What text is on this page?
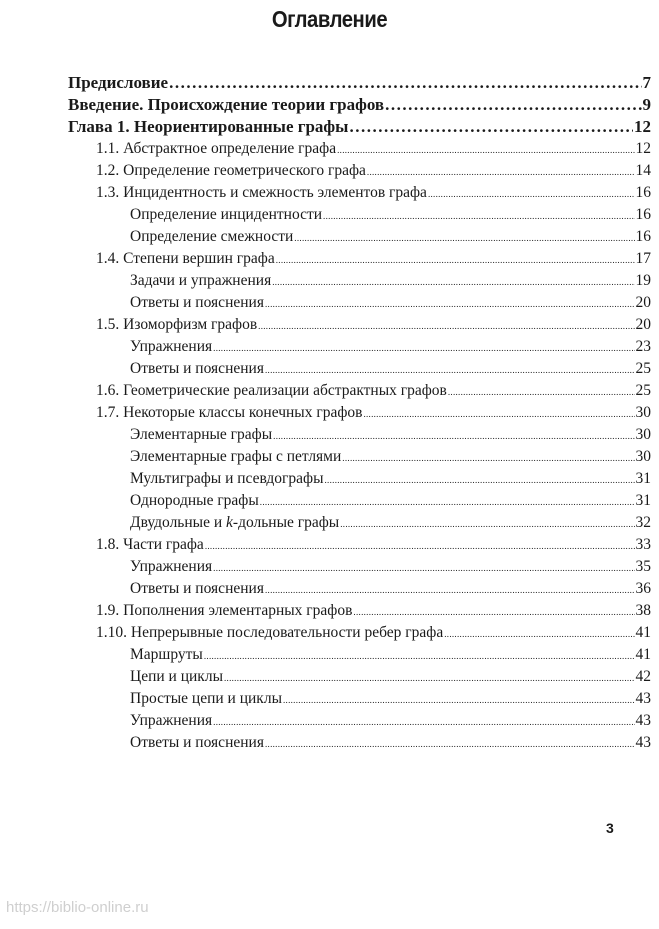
Оглавление
Предисловие .....	7
Введение. Происхождение теории графов .....	9
Глава 1. Неориентированные графы .....	12
1.1. Абстрактное определение графа .....	12
1.2. Определение геометрического графа .....	14
1.3. Инцидентность и смежность элементов графа .....	16
Определение инцидентности .....	16
Определение смежности .....	16
1.4. Степени вершин графа .....	17
Задачи и упражнения .....	19
Ответы и пояснения .....	20
1.5. Изоморфизм графов .....	20
Упражнения .....	23
Ответы и пояснения .....	25
1.6. Геометрические реализации абстрактных графов .....	25
1.7. Некоторые классы конечных графов .....	30
Элементарные графы .....	30
Элементарные графы с петлями .....	30
Мультиграфы и псевдографы .....	31
Однородные графы .....	31
Двудольные и k-дольные графы .....	32
1.8. Части графа .....	33
Упражнения .....	35
Ответы и пояснения .....	36
1.9. Пополнения элементарных графов .....	38
1.10. Непрерывные последовательности ребер графа .....	41
Маршруты .....	41
Цепи и циклы .....	42
Простые цепи и циклы .....	43
Упражнения .....	43
Ответы и пояснения .....	43
3
https://biblio-online.ru
